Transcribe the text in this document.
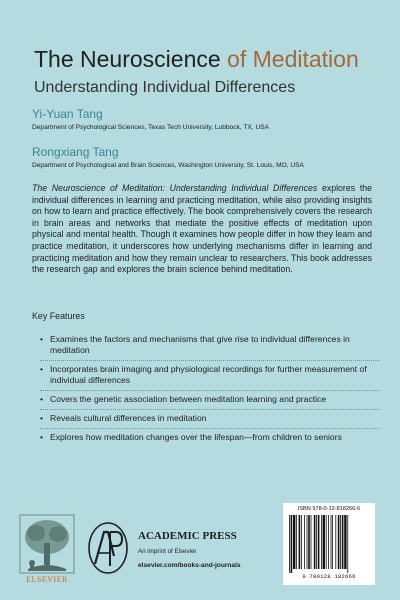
The Neuroscience of Meditation
Understanding Individual Differences
Yi-Yuan Tang
Department of Psychological Sciences, Texas Tech University, Lubbock, TX, USA
Rongxiang Tang
Department of Psychological and Brain Sciences, Washington University, St. Louis, MO, USA
The Neuroscience of Meditation: Understanding Individual Differences explores the individual differences in learning and practicing meditation, while also providing insights on how to learn and practice effectively. The book comprehensively covers the research in brain areas and networks that mediate the positive effects of meditation upon physical and mental health. Though it examines how people differ in how they learn and practice meditation, it underscores how underlying mechanisms differ in learning and practicing meditation and how they remain unclear to researchers. This book addresses the research gap and explores the brain science behind meditation.
Key Features
• Examines the factors and mechanisms that give rise to individual differences in meditation
• Incorporates brain imaging and physiological recordings for further measurement of individual differences
• Covers the genetic association between meditation learning and practice
• Reveals cultural differences in meditation
• Explores how meditation changes over the lifespan—from children to seniors
ELSEVIER
ACADEMIC PRESS
An imprint of Elsevier
elsevier.com/books-and-journals
ISBN 978-0-12-818266-6
9 780128 182666
